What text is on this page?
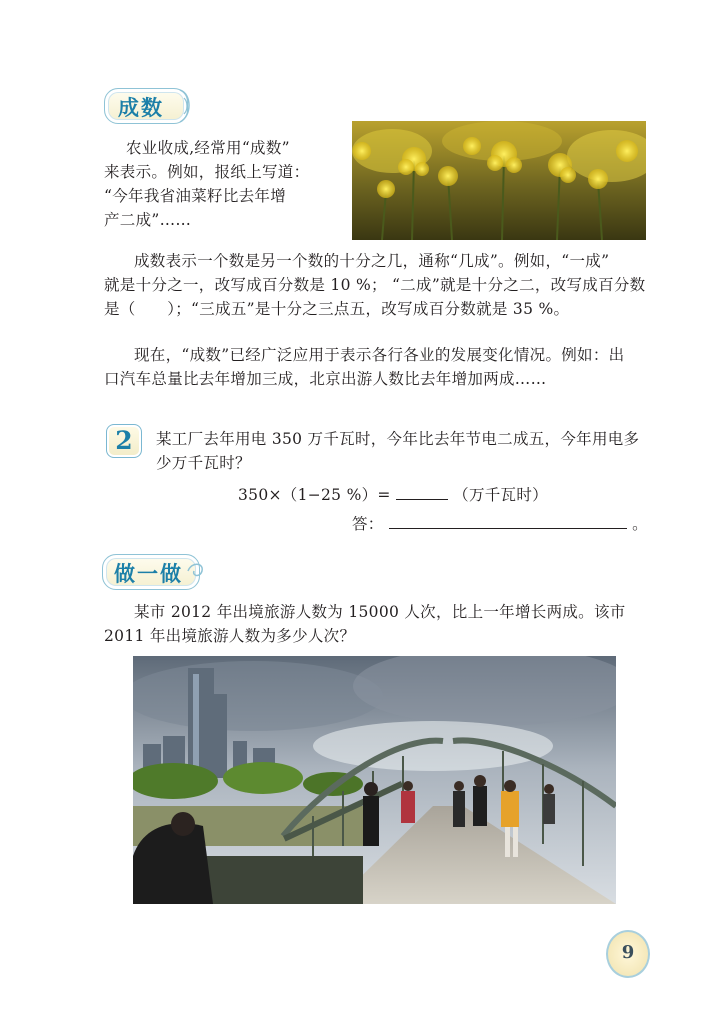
成数

农业收成,经常用“成数”

来表示。例如，报纸上写道：

“今年我省油菜籽比去年增

产二成”……

成数表示一个数是另一个数的十分之几，通称“几成”。例如，“一成”

就是十分之一，改写成百分数是 10 %； “二成”就是十分之二，改写成百分数

是（　　）；“三成五”是十分之三点五，改写成百分数就是 35 %。

现在，“成数”已经广泛应用于表示各行各业的发展变化情况。例如：出

口汽车总量比去年增加三成，北京出游人数比去年增加两成……

2	某工厂去年用电 350 万千瓦时，今年比去年节电二成五，今年用电多

少万千瓦时？

350×（1−25 %）=	（万千瓦时）
答：	。
做一做

某市 2012 年出境旅游人数为 15000 人次，比上一年增长两成。该市

2011 年出境旅游人数为多少人次？

9
